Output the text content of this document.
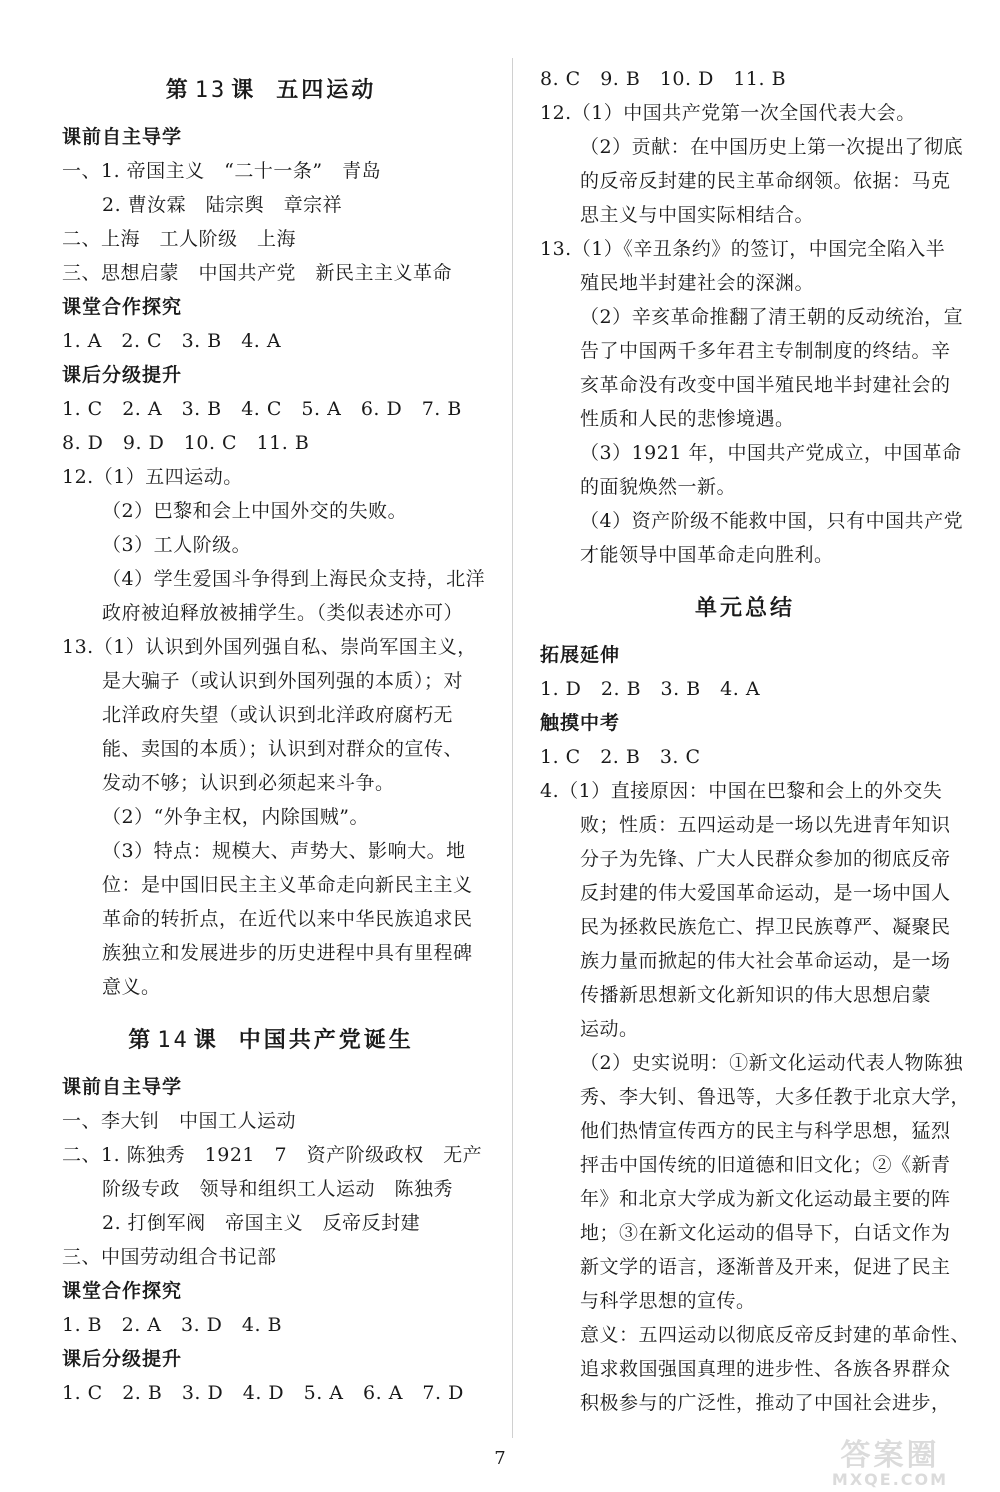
第 13 课 五四运动
课前自主导学
一、1. 帝国主义　“二十一条”　青岛
2. 曹汝霖　陆宗舆　章宗祥
二、上海　工人阶级　上海
三、思想启蒙　中国共产党　新民主主义革命
课堂合作探究
1. A　2. C　3. B　4. A
课后分级提升
1. C　2. A　3. B　4. C　5. A　6. D　7. B
8. D　9. D　10. C　11. B
12.（1）五四运动。
（2）巴黎和会上中国外交的失败。
（3）工人阶级。
（4）学生爱国斗争得到上海民众支持，北洋
政府被迫释放被捕学生。（类似表述亦可）
13.（1）认识到外国列强自私、崇尚军国主义，
是大骗子（或认识到外国列强的本质）；对
北洋政府失望（或认识到北洋政府腐朽无
能、卖国的本质）；认识到对群众的宣传、
发动不够；认识到必须起来斗争。
（2）“外争主权，内除国贼”。
（3）特点：规模大、声势大、影响大。地
位：是中国旧民主主义革命走向新民主主义
革命的转折点，在近代以来中华民族追求民
族独立和发展进步的历史进程中具有里程碑
意义。
第 14 课 中国共产党诞生
课前自主导学
一、李大钊　中国工人运动
二、1. 陈独秀　1921　7　资产阶级政权　无产
阶级专政　领导和组织工人运动　陈独秀
2. 打倒军阀　帝国主义　反帝反封建
三、中国劳动组合书记部
课堂合作探究
1. B　2. A　3. D　4. B
课后分级提升
1. C　2. B　3. D　4. D　5. A　6. A　7. D
8. C　9. B　10. D　11. B
12.（1）中国共产党第一次全国代表大会。
（2）贡献：在中国历史上第一次提出了彻底
的反帝反封建的民主革命纲领。依据：马克
思主义与中国实际相结合。
13.（1）《辛丑条约》的签订，中国完全陷入半
殖民地半封建社会的深渊。
（2）辛亥革命推翻了清王朝的反动统治，宣
告了中国两千多年君主专制制度的终结。辛
亥革命没有改变中国半殖民地半封建社会的
性质和人民的悲惨境遇。
（3）1921 年，中国共产党成立，中国革命
的面貌焕然一新。
（4）资产阶级不能救中国，只有中国共产党
才能领导中国革命走向胜利。
单元总结
拓展延伸
1. D　2. B　3. B　4. A
触摸中考
1. C　2. B　3. C
4.（1）直接原因：中国在巴黎和会上的外交失
败；性质：五四运动是一场以先进青年知识
分子为先锋、广大人民群众参加的彻底反帝
反封建的伟大爱国革命运动，是一场中国人
民为拯救民族危亡、捍卫民族尊严、凝聚民
族力量而掀起的伟大社会革命运动，是一场
传播新思想新文化新知识的伟大思想启蒙
运动。
（2）史实说明：①新文化运动代表人物陈独
秀、李大钊、鲁迅等，大多任教于北京大学，
他们热情宣传西方的民主与科学思想，猛烈
抨击中国传统的旧道德和旧文化；②《新青
年》和北京大学成为新文化运动最主要的阵
地；③在新文化运动的倡导下，白话文作为
新文学的语言，逐渐普及开来，促进了民主
与科学思想的宣传。
意义：五四运动以彻底反帝反封建的革命性、
追求救国强国真理的进步性、各族各界群众
积极参与的广泛性，推动了中国社会进步，
7	答案圈
MXQE.COM
